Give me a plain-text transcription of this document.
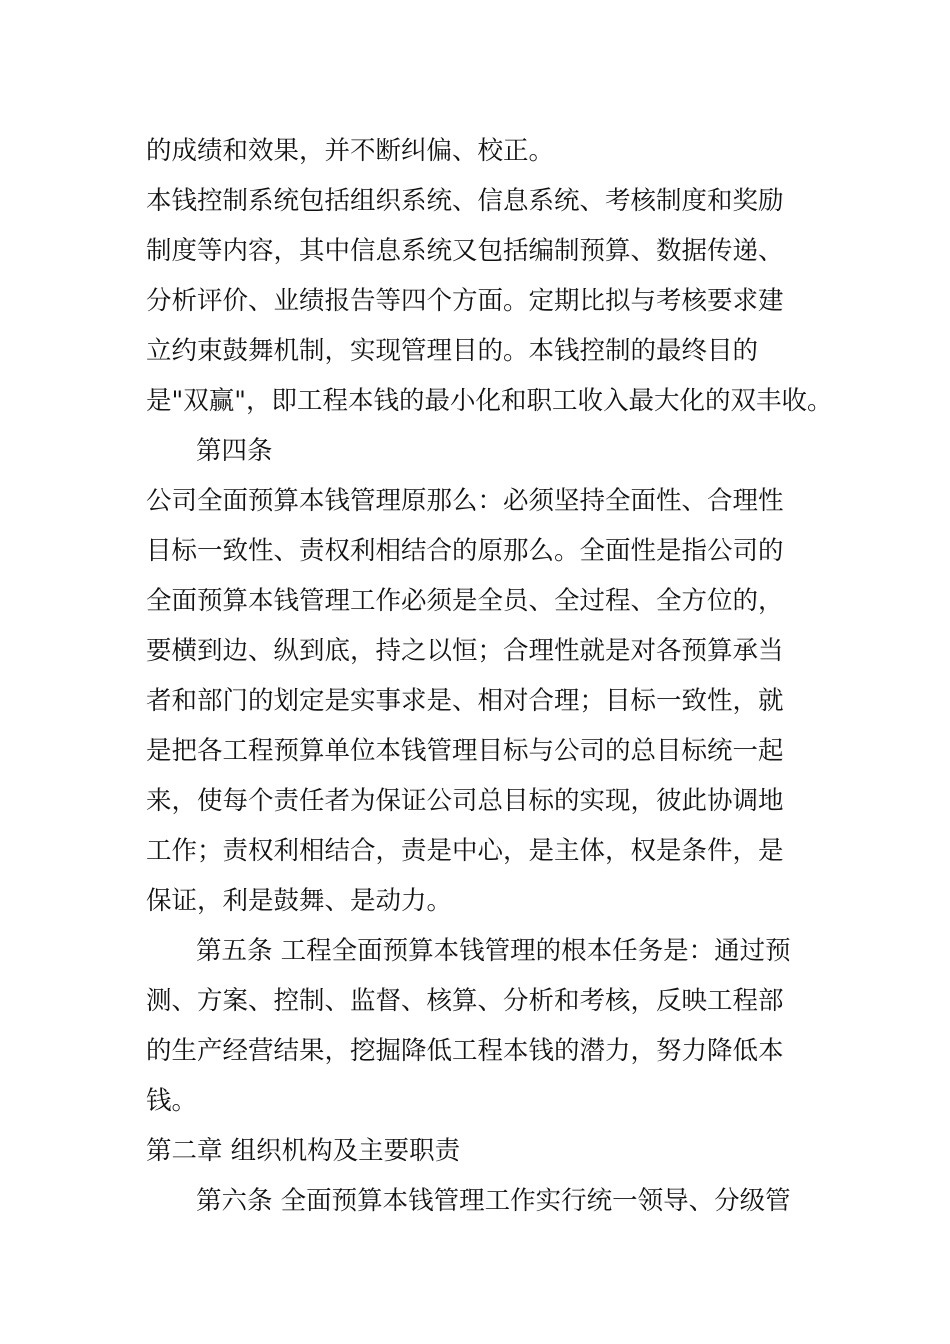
的成绩和效果，并不断纠偏、校正。
本钱控制系统包括组织系统、信息系统、考核制度和奖励
制度等内容，其中信息系统又包括编制预算、数据传递、
分析评价、业绩报告等四个方面。定期比拟与考核要求建
立约束鼓舞机制，实现管理目的。本钱控制的最终目的
是"双赢"，即工程本钱的最小化和职工收入最大化的双丰收。
第四条
公司全面预算本钱管理原那么：必须坚持全面性、合理性
目标一致性、责权利相结合的原那么。全面性是指公司的
全面预算本钱管理工作必须是全员、全过程、全方位的，
要横到边、纵到底，持之以恒；合理性就是对各预算承当
者和部门的划定是实事求是、相对合理；目标一致性，就
是把各工程预算单位本钱管理目标与公司的总目标统一起
来，使每个责任者为保证公司总目标的实现，彼此协调地
工作；责权利相结合，责是中心，是主体，权是条件，是
保证，利是鼓舞、是动力。
第五条 工程全面预算本钱管理的根本任务是：通过预
测、方案、控制、监督、核算、分析和考核，反映工程部
的生产经营结果，挖掘降低工程本钱的潜力，努力降低本
钱。
第二章 组织机构及主要职责
第六条 全面预算本钱管理工作实行统一领导、分级管
